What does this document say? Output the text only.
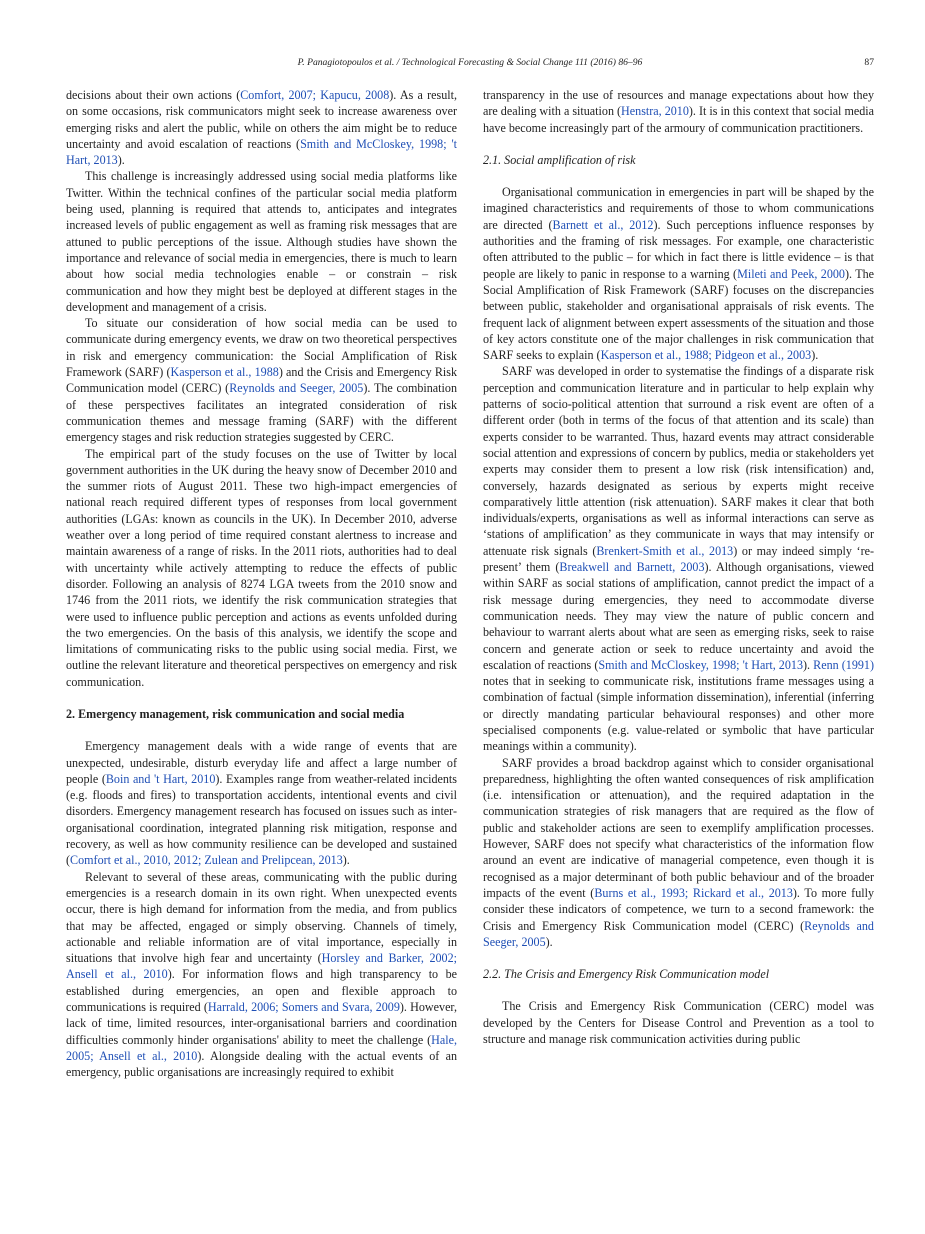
P. Panagiotopoulos et al. / Technological Forecasting & Social Change 111 (2016) 86–96	87

decisions about their own actions (Comfort, 2007; Kapucu, 2008). As a result, on some occasions, risk communicators might seek to increase awareness over emerging risks and alert the public, while on others the aim might be to reduce uncertainty and avoid escalation of reactions (Smith and McCloskey, 1998; 't Hart, 2013).

This challenge is increasingly addressed using social media platforms like Twitter. Within the technical confines of the particular social media platform being used, planning is required that attends to, anticipates and integrates increased levels of public engagement as well as framing risk messages that are attuned to public perceptions of the issue. Although studies have shown the importance and relevance of social media in emergencies, there is much to learn about how social media technologies enable – or constrain – risk communication and how they might best be deployed at different stages in the development and management of a crisis.

To situate our consideration of how social media can be used to communicate during emergency events, we draw on two theoretical perspectives in risk and emergency communication: the Social Amplification of Risk Framework (SARF) (Kasperson et al., 1988) and the Crisis and Emergency Risk Communication model (CERC) (Reynolds and Seeger, 2005). The combination of these perspectives facilitates an integrated consideration of risk communication themes and message framing (SARF) with the different emergency stages and risk reduction strategies suggested by CERC.

The empirical part of the study focuses on the use of Twitter by local government authorities in the UK during the heavy snow of December 2010 and the summer riots of August 2011. These two high-impact emergencies of national reach required different types of responses from local government authorities (LGAs: known as councils in the UK). In December 2010, adverse weather over a long period of time required constant alertness to increase and maintain awareness of a range of risks. In the 2011 riots, authorities had to deal with uncertainty while actively attempting to reduce the effects of public disorder. Following an analysis of 8274 LGA tweets from the 2010 snow and 1746 from the 2011 riots, we identify the risk communication strategies that were used to influence public perception and actions as events unfolded during the two emergencies. On the basis of this analysis, we identify the scope and limitations of communicating risks to the public using social media. First, we outline the relevant literature and theoretical perspectives on emergency and risk communication.

2. Emergency management, risk communication and social media

Emergency management deals with a wide range of events that are unexpected, undesirable, disturb everyday life and affect a large number of people (Boin and 't Hart, 2010). Examples range from weather-related incidents (e.g. floods and fires) to transportation accidents, intentional events and civil disorders. Emergency management research has focused on issues such as inter-organisational coordination, integrated planning risk mitigation, response and recovery, as well as how community resilience can be developed and sustained (Comfort et al., 2010, 2012; Zulean and Prelipcean, 2013).

Relevant to several of these areas, communicating with the public during emergencies is a research domain in its own right. When unexpected events occur, there is high demand for information from the media, and from publics that may be affected, engaged or simply observing. Channels of timely, actionable and reliable information are of vital importance, especially in situations that involve high fear and uncertainty (Horsley and Barker, 2002; Ansell et al., 2010). For information flows and high transparency to be established during emergencies, an open and flexible approach to communications is required (Harrald, 2006; Somers and Svara, 2009). However, lack of time, limited resources, inter-organisational barriers and coordination difficulties commonly hinder organisations' ability to meet the challenge (Hale, 2005; Ansell et al., 2010). Alongside dealing with the actual events of an emergency, public organisations are increasingly required to exhibit

transparency in the use of resources and manage expectations about how they are dealing with a situation (Henstra, 2010). It is in this context that social media have become increasingly part of the armoury of communication practitioners.

2.1. Social amplification of risk

Organisational communication in emergencies in part will be shaped by the imagined characteristics and requirements of those to whom communications are directed (Barnett et al., 2012). Such perceptions influence responses by authorities and the framing of risk messages. For example, one characteristic often attributed to the public – for which in fact there is little evidence – is that people are likely to panic in response to a warning (Mileti and Peek, 2000). The Social Amplification of Risk Framework (SARF) focuses on the discrepancies between public, stakeholder and organisational appraisals of risk events. The frequent lack of alignment between expert assessments of the situation and those of key actors constitute one of the major challenges in risk communication that SARF seeks to explain (Kasperson et al., 1988; Pidgeon et al., 2003).

SARF was developed in order to systematise the findings of a disparate risk perception and communication literature and in particular to help explain why patterns of socio-political attention that surround a risk event are often of a different order (both in terms of the focus of that attention and its scale) than experts consider to be warranted. Thus, hazard events may attract considerable social attention and expressions of concern by publics, media or stakeholders yet experts may consider them to present a low risk (risk intensification) and, conversely, hazards designated as serious by experts might receive comparatively little attention (risk attenuation). SARF makes it clear that both individuals/experts, organisations as well as informal interactions can serve as ‘stations of amplification’ as they communicate in ways that may intensify or attenuate risk signals (Brenkert-Smith et al., 2013) or may indeed simply ‘re-present’ them (Breakwell and Barnett, 2003). Although organisations, viewed within SARF as social stations of amplification, cannot predict the impact of a risk message during emergencies, they need to accommodate diverse communication needs. They may view the nature of public concern and behaviour to warrant alerts about what are seen as emerging risks, seek to raise concern and generate action or seek to reduce uncertainty and avoid the escalation of reactions (Smith and McCloskey, 1998; 't Hart, 2013). Renn (1991) notes that in seeking to communicate risk, institutions frame messages using a combination of factual (simple information dissemination), inferential (inferring or directly mandating particular behavioural responses) and other more specialised components (e.g. value-related or symbolic that have particular meanings within a community).

SARF provides a broad backdrop against which to consider organisational preparedness, highlighting the often wanted consequences of risk amplification (i.e. intensification or attenuation), and the required adaptation in the communication strategies of risk managers that are required as the flow of public and stakeholder actions are seen to exemplify amplification processes. However, SARF does not specify what characteristics of the information flow around an event are indicative of managerial competence, even though it is recognised as a major determinant of both public behaviour and of the broader impacts of the event (Burns et al., 1993; Rickard et al., 2013). To more fully consider these indicators of competence, we turn to a second framework: the Crisis and Emergency Risk Communication model (CERC) (Reynolds and Seeger, 2005).

2.2. The Crisis and Emergency Risk Communication model

The Crisis and Emergency Risk Communication (CERC) model was developed by the Centers for Disease Control and Prevention as a tool to structure and manage risk communication activities during public
